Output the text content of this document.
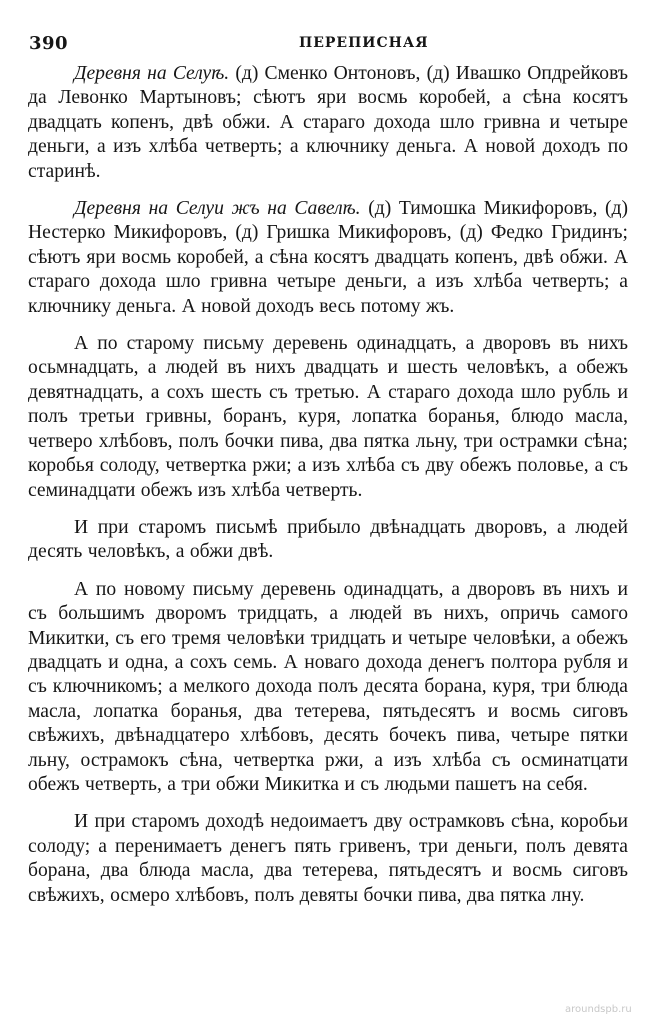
390	ПЕРЕПИСНАЯ

Деревня на Селуѣ. (д) Сменко Онтоновъ, (д) Ивашко Опдрейковъ да Левонко Мартыновъ; сѣютъ яри восмь коробей, а сѣна косятъ двадцать копенъ, двѣ обжи. А стараго дохода шло гривна и четыре деньги, а изъ хлѣба четверть; а ключнику деньга. А новой доходъ по старинѣ.

Деревня на Селуи жъ на Савелѣ. (д) Тимошка Микифоровъ, (д) Нестерко Микифоровъ, (д) Гришка Микифоровъ, (д) Федко Гридинъ; сѣютъ яри восмь коробей, а сѣна косятъ двадцать копенъ, двѣ обжи. А стараго дохода шло гривна четыре деньги, а изъ хлѣба четверть; а ключнику деньга. А новой доходъ весь потому жъ.

А по старому письму деревень одинадцать, а дворовъ въ нихъ осьмнадцать, а людей въ нихъ двадцать и шесть человѣкъ, а обежъ девятнадцать, а сохъ шесть съ третью. А стараго дохода шло рубль и полъ третьи гривны, боранъ, куря, лопатка боранья, блюдо масла, четверо хлѣбовъ, полъ бочки пива, два пятка льну, три острамки сѣна; коробья солоду, четвертка ржи; а изъ хлѣба съ дву обежъ половье, а съ семинадцати обежъ изъ хлѣба четверть.

И при старомъ письмѣ прибыло двѣнадцать дворовъ, а людей десять человѣкъ, а обжи двѣ.

А по новому письму деревень одинадцать, а дворовъ въ нихъ и съ большимъ дворомъ тридцать, а людей въ нихъ, опричь самого Микитки, съ его тремя человѣки тридцать и четыре человѣки, а обежъ двадцать и одна, а сохъ семь. А новаго дохода денегъ полтора рубля и съ ключникомъ; а мелкого дохода полъ десята борана, куря, три блюда масла, лопатка боранья, два тетерева, пятьдесятъ и восмь сиговъ свѣжихъ, двѣнадцатеро хлѣбовъ, десять бочекъ пива, четыре пятки льну, острамокъ сѣна, четвертка ржи, а изъ хлѣба съ осминатцати обежъ четверть, а три обжи Микитка и съ людьми пашетъ на себя.

И при старомъ доходѣ недоимаетъ дву острамковъ сѣна, коробьи солоду; а перенимаетъ денегъ пять гривенъ, три деньги, полъ девята борана, два блюда масла, два тетерева, пятьдесятъ и восмь сиговъ свѣжихъ, осмеро хлѣбовъ, полъ девяты бочки пива, два пятка лну.

aroundspb.ru
